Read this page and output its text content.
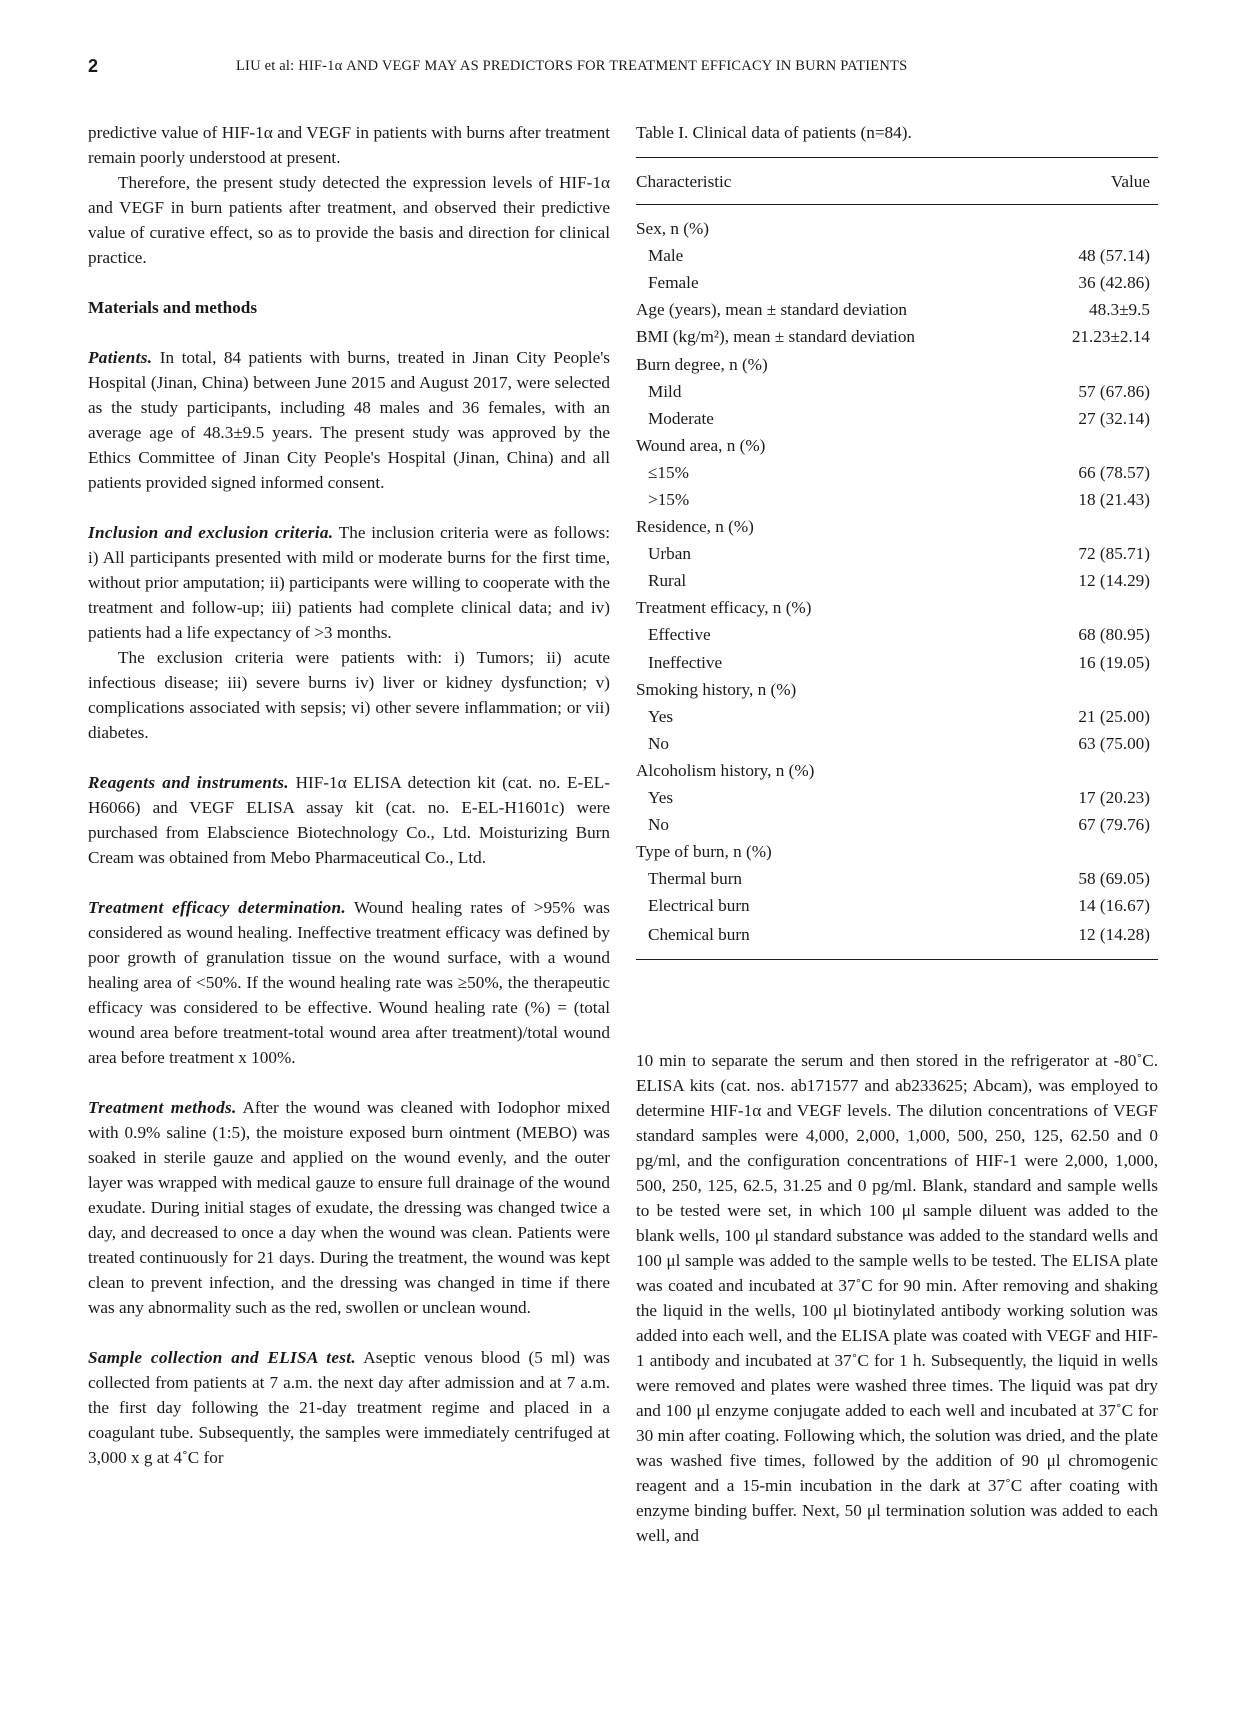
2	LIU et al: HIF-1α AND VEGF MAY AS PREDICTORS FOR TREATMENT EFFICACY IN BURN PATIENTS

predictive value of HIF-1α and VEGF in patients with burns after treatment remain poorly understood at present.

Therefore, the present study detected the expression levels of HIF-1α and VEGF in burn patients after treatment, and observed their predictive value of curative effect, so as to provide the basis and direction for clinical practice.

Materials and methods

Patients. In total, 84 patients with burns, treated in Jinan City People's Hospital (Jinan, China) between June 2015 and August 2017, were selected as the study participants, including 48 males and 36 females, with an average age of 48.3±9.5 years. The present study was approved by the Ethics Committee of Jinan City People's Hospital (Jinan, China) and all patients provided signed informed consent.

Inclusion and exclusion criteria. The inclusion criteria were as follows: i) All participants presented with mild or moderate burns for the first time, without prior amputation; ii) participants were willing to cooperate with the treatment and follow-up; iii) patients had complete clinical data; and iv) patients had a life expectancy of >3 months.

The exclusion criteria were patients with: i) Tumors; ii) acute infectious disease; iii) severe burns iv) liver or kidney dysfunction; v) complications associated with sepsis; vi) other severe inflammation; or vii) diabetes.

Reagents and instruments. HIF-1α ELISA detection kit (cat. no. E-EL-H6066) and VEGF ELISA assay kit (cat. no. E-EL-H1601c) were purchased from Elabscience Biotechnology Co., Ltd. Moisturizing Burn Cream was obtained from Mebo Pharmaceutical Co., Ltd.

Treatment efficacy determination. Wound healing rates of >95% was considered as wound healing. Ineffective treatment efficacy was defined by poor growth of granulation tissue on the wound surface, with a wound healing area of <50%. If the wound healing rate was ≥50%, the therapeutic efficacy was considered to be effective. Wound healing rate (%) = (total wound area before treatment-total wound area after treatment)/total wound area before treatment x 100%.

Treatment methods. After the wound was cleaned with Iodophor mixed with 0.9% saline (1:5), the moisture exposed burn ointment (MEBO) was soaked in sterile gauze and applied on the wound evenly, and the outer layer was wrapped with medical gauze to ensure full drainage of the wound exudate. During initial stages of exudate, the dressing was changed twice a day, and decreased to once a day when the wound was clean. Patients were treated continuously for 21 days. During the treatment, the wound was kept clean to prevent infection, and the dressing was changed in time if there was any abnormality such as the red, swollen or unclean wound.

Sample collection and ELISA test. Aseptic venous blood (5 ml) was collected from patients at 7 a.m. the next day after admission and at 7 a.m. the first day following the 21-day treatment regime and placed in a coagulant tube. Subsequently, the samples were immediately centrifuged at 3,000 x g at 4˚C for

Table I. Clinical data of patients (n=84).
Characteristic	Value
Sex, n (%)	
Male	48 (57.14)
Female	36 (42.86)
Age (years), mean ± standard deviation	48.3±9.5
BMI (kg/m²), mean ± standard deviation	21.23±2.14
Burn degree, n (%)	
Mild	57 (67.86)
Moderate	27 (32.14)
Wound area, n (%)	
≤15%	66 (78.57)
>15%	18 (21.43)
Residence, n (%)	
Urban	72 (85.71)
Rural	12 (14.29)
Treatment efficacy, n (%)	
Effective	68 (80.95)
Ineffective	16 (19.05)
Smoking history, n (%)	
Yes	21 (25.00)
No	63 (75.00)
Alcoholism history, n (%)	
Yes	17 (20.23)
No	67 (79.76)
Type of burn, n (%)	
Thermal burn	58 (69.05)
Electrical burn	14 (16.67)
Chemical burn	12 (14.28)

10 min to separate the serum and then stored in the refrigerator at -80˚C. ELISA kits (cat. nos. ab171577 and ab233625; Abcam), was employed to determine HIF-1α and VEGF levels. The dilution concentrations of VEGF standard samples were 4,000, 2,000, 1,000, 500, 250, 125, 62.50 and 0 pg/ml, and the configuration concentrations of HIF-1 were 2,000, 1,000, 500, 250, 125, 62.5, 31.25 and 0 pg/ml. Blank, standard and sample wells to be tested were set, in which 100 μl sample diluent was added to the blank wells, 100 μl standard substance was added to the standard wells and 100 μl sample was added to the sample wells to be tested. The ELISA plate was coated and incubated at 37˚C for 90 min. After removing and shaking the liquid in the wells, 100 μl biotinylated antibody working solution was added into each well, and the ELISA plate was coated with VEGF and HIF-1 antibody and incubated at 37˚C for 1 h. Subsequently, the liquid in wells were removed and plates were washed three times. The liquid was pat dry and 100 μl enzyme conjugate added to each well and incubated at 37˚C for 30 min after coating. Following which, the solution was dried, and the plate was washed five times, followed by the addition of 90 μl chromogenic reagent and a 15-min incubation in the dark at 37˚C after coating with enzyme binding buffer. Next, 50 μl termination solution was added to each well, and
